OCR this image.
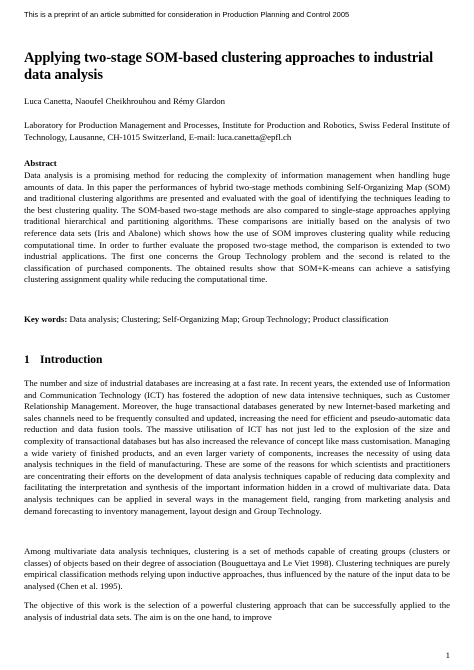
This is a preprint of an article submitted for consideration in Production Planning and Control 2005
Applying two-stage SOM-based clustering approaches to industrial data analysis
Luca Canetta, Naoufel Cheikhrouhou and Rémy Glardon
Laboratory for Production Management and Processes, Institute for Production and Robotics, Swiss Federal Institute of Technology, Lausanne, CH-1015 Switzerland, E-mail: luca.canetta@epfl.ch
Abstract
Data analysis is a promising method for reducing the complexity of information management when handling huge amounts of data. In this paper the performances of hybrid two-stage methods combining Self-Organizing Map (SOM) and traditional clustering algorithms are presented and evaluated with the goal of identifying the techniques leading to the best clustering quality. The SOM-based two-stage methods are also compared to single-stage approaches applying traditional hierarchical and partitioning algorithms. These comparisons are initially based on the analysis of two reference data sets (Iris and Abalone) which shows how the use of SOM improves clustering quality while reducing computational time. In order to further evaluate the proposed two-stage method, the comparison is extended to two industrial applications. The first one concerns the Group Technology problem and the second is related to the classification of purchased components. The obtained results show that SOM+K-means can achieve a satisfying clustering assignment quality while reducing the computational time.
Key words: Data analysis; Clustering; Self-Organizing Map; Group Technology; Product classification
1 Introduction
The number and size of industrial databases are increasing at a fast rate. In recent years, the extended use of Information and Communication Technology (ICT) has fostered the adoption of new data intensive techniques, such as Customer Relationship Management. Moreover, the huge transactional databases generated by new Internet-based marketing and sales channels need to be frequently consulted and updated, increasing the need for efficient and pseudo-automatic data reduction and data fusion tools. The massive utilisation of ICT has not just led to the explosion of the size and complexity of transactional databases but has also increased the relevance of concept like mass customisation. Managing a wide variety of finished products, and an even larger variety of components, increases the necessity of using data analysis techniques in the field of manufacturing. These are some of the reasons for which scientists and practitioners are concentrating their efforts on the development of data analysis techniques capable of reducing data complexity and facilitating the interpretation and synthesis of the important information hidden in a crowd of multivariate data. Data analysis techniques can be applied in several ways in the management field, ranging from marketing analysis and demand forecasting to inventory management, layout design and Group Technology.
Among multivariate data analysis techniques, clustering is a set of methods capable of creating groups (clusters or classes) of objects based on their degree of association (Bouguettaya and Le Viet 1998). Clustering techniques are purely empirical classification methods relying upon inductive approaches, thus influenced by the nature of the input data to be analysed (Chen et al. 1995).
The objective of this work is the selection of a powerful clustering approach that can be successfully applied to the analysis of industrial data sets. The aim is on the one hand, to improve
1
